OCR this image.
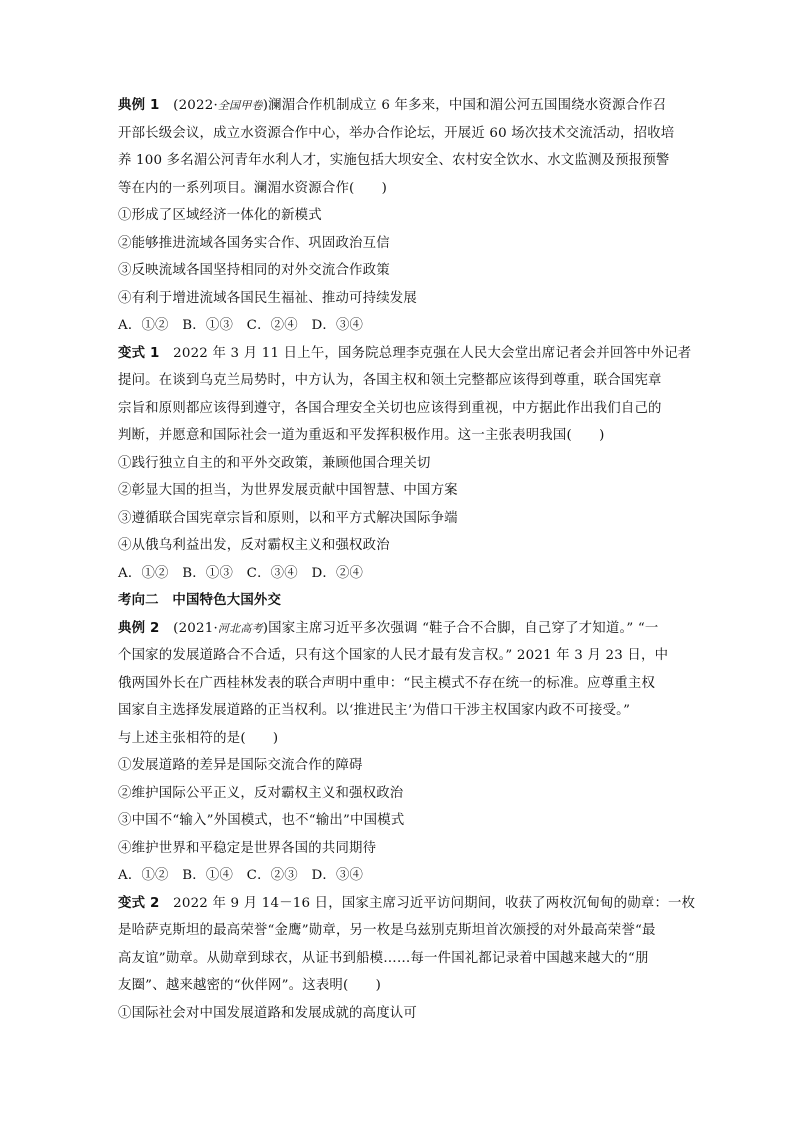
典例 1　 (2022·全国甲卷)澜湄合作机制成立 6 年多来，中国和湄公河五国围绕水资源合作召
开部长级会议，成立水资源合作中心，举办合作论坛，开展近 60 场次技术交流活动，招收培
养 100 多名湄公河青年水利人才，实施包括大坝安全、农村安全饮水、水文监测及预报预警
等在内的一系列项目。澜湄水资源合作(　　)
①形成了区域经济一体化的新模式
②能够推进流域各国务实合作、巩固政治互信
③反映流域各国坚持相同的对外交流合作政策
④有利于增进流域各国民生福祉、推动可持续发展
A．①②　B．①③　C．②④　D．③④
变式 1　2022 年 3 月 11 日上午，国务院总理李克强在人民大会堂出席记者会并回答中外记者
提问。在谈到乌克兰局势时，中方认为，各国主权和领土完整都应该得到尊重，联合国宪章
宗旨和原则都应该得到遵守，各国合理安全关切也应该得到重视，中方据此作出我们自己的
判断，并愿意和国际社会一道为重返和平发挥积极作用。这一主张表明我国(　　)
①践行独立自主的和平外交政策，兼顾他国合理关切
②彰显大国的担当，为世界发展贡献中国智慧、中国方案
③遵循联合国宪章宗旨和原则，以和平方式解决国际争端
④从俄乌利益出发，反对霸权主义和强权政治
A．①②　B．①③　C．③④　D．②④
考向二　中国特色大国外交
典例 2　 (2021·河北高考)国家主席习近平多次强调 “鞋子合不合脚，自己穿了才知道。” “一
个国家的发展道路合不合适，只有这个国家的人民才最有发言权。” 2021 年 3 月 23 日，中
俄两国外长在广西桂林发表的联合声明中重申：“民主模式不存在统一的标准。应尊重主权
国家自主选择发展道路的正当权利。以‘推进民主’为借口干涉主权国家内政不可接受。”
与上述主张相符的是(　　)
①发展道路的差异是国际交流合作的障碍
②维护国际公平正义，反对霸权主义和强权政治
③中国不“输入”外国模式，也不“输出”中国模式
④维护世界和平稳定是世界各国的共同期待
A．①②　B．①④　C．②③　D．③④
变式 2　2022 年 9 月 14－16 日，国家主席习近平访问期间，收获了两枚沉甸甸的勋章：一枚
是哈萨克斯坦的最高荣誉“金鹰”勋章，另一枚是乌兹别克斯坦首次颁授的对外最高荣誉“最
高友谊”勋章。从勋章到球衣，从证书到船模……每一件国礼都记录着中国越来越大的“朋
友圈”、越来越密的“伙伴网”。这表明(　　)
①国际社会对中国发展道路和发展成就的高度认可
